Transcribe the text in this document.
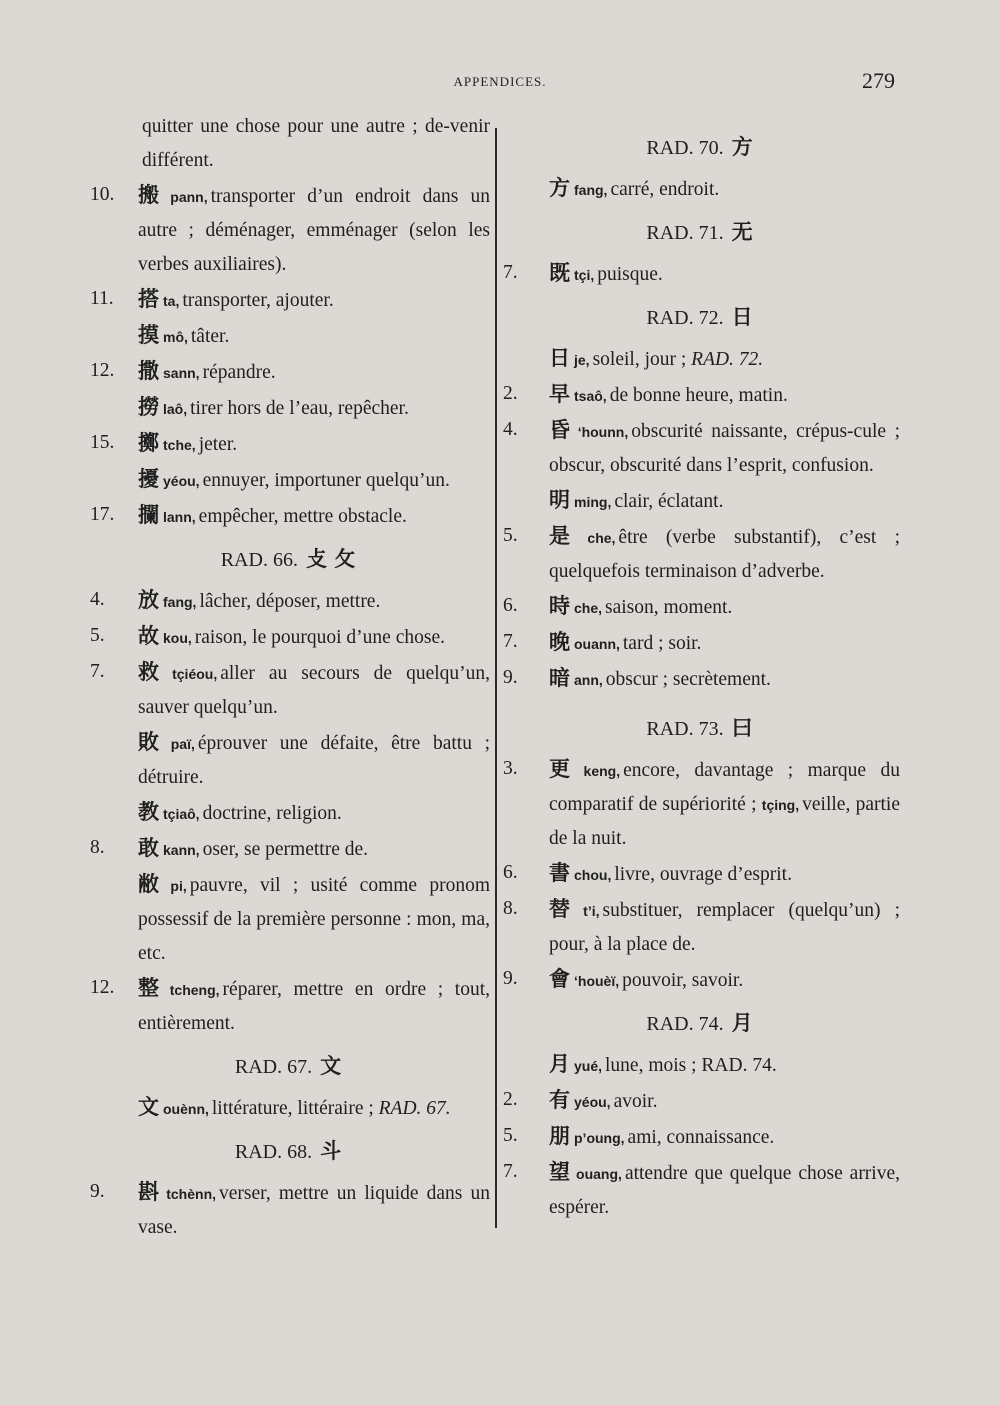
APPENDICES.	279
quitter une chose pour une autre ; de-venir différent.
10. 搬 pann, transporter d’un endroit dans un autre ; déménager, emménager (selon les verbes auxiliaires).
11. 搭 ta, transporter, ajouter.
摸mô, tâter.
12. 撒 sann, répandre.
撈laô, tirer hors de l’eau, repêcher.
15. 擲 tche, jeter.
擾yéou, ennuyer, importuner quelqu’un.
17. 攔 lann, empêcher, mettre obstacle.
RAD. 66. 攴 攵
4. 放 fang, lâcher, déposer, mettre.
5. 故 kou, raison, le pourquoi d’une chose.
7. 救 tçiéou, aller au secours de quelqu’un, sauver quelqu’un.
敗paï, éprouver une défaite, être battu ; détruire.
教tçiaô, doctrine, religion.
8. 敢 kann, oser, se permettre de.
敝pi, pauvre, vil ; usité comme pronom possessif de la première personne : mon, ma, etc.
12. 整 tcheng, réparer, mettre en ordre ; tout, entièrement.
RAD. 67. 文
文ouènn, littérature, littéraire ; RAD. 67.
RAD. 68. 斗
9. 斟 tchènn, verser, mettre un liquide dans un vase.
RAD. 70. 方
方fang, carré, endroit.
RAD. 71. 无
7. 既 tçi, puisque.
RAD. 72. 日
日je, soleil, jour ; RAD. 72.
2. 早 tsaô, de bonne heure, matin.
4. 昏 ‘hounn, obscurité naissante, crépus-cule ; obscur, obscurité dans l’esprit, confusion.
明ming, clair, éclatant.
5. 是 che, être (verbe substantif), c’est ; quelquefois terminaison d’adverbe.
6. 時 che, saison, moment.
7. 晚 ouann, tard ; soir.
9. 暗 ann, obscur ; secrètement.
RAD. 73. 曰
3. 更 keng, encore, davantage ; marque du comparatif de supériorité ; tçing, veille, partie de la nuit.
6. 書 chou, livre, ouvrage d’esprit.
8. 替 t’i, substituer, remplacer (quelqu’un) ; pour, à la place de.
9. 會 ‘houèï, pouvoir, savoir.
RAD. 74. 月
月yué, lune, mois ; RAD. 74.
2. 有 yéou, avoir.
5. 朋 p’oung, ami, connaissance.
7. 望 ouang, attendre que quelque chose arrive, espérer.
